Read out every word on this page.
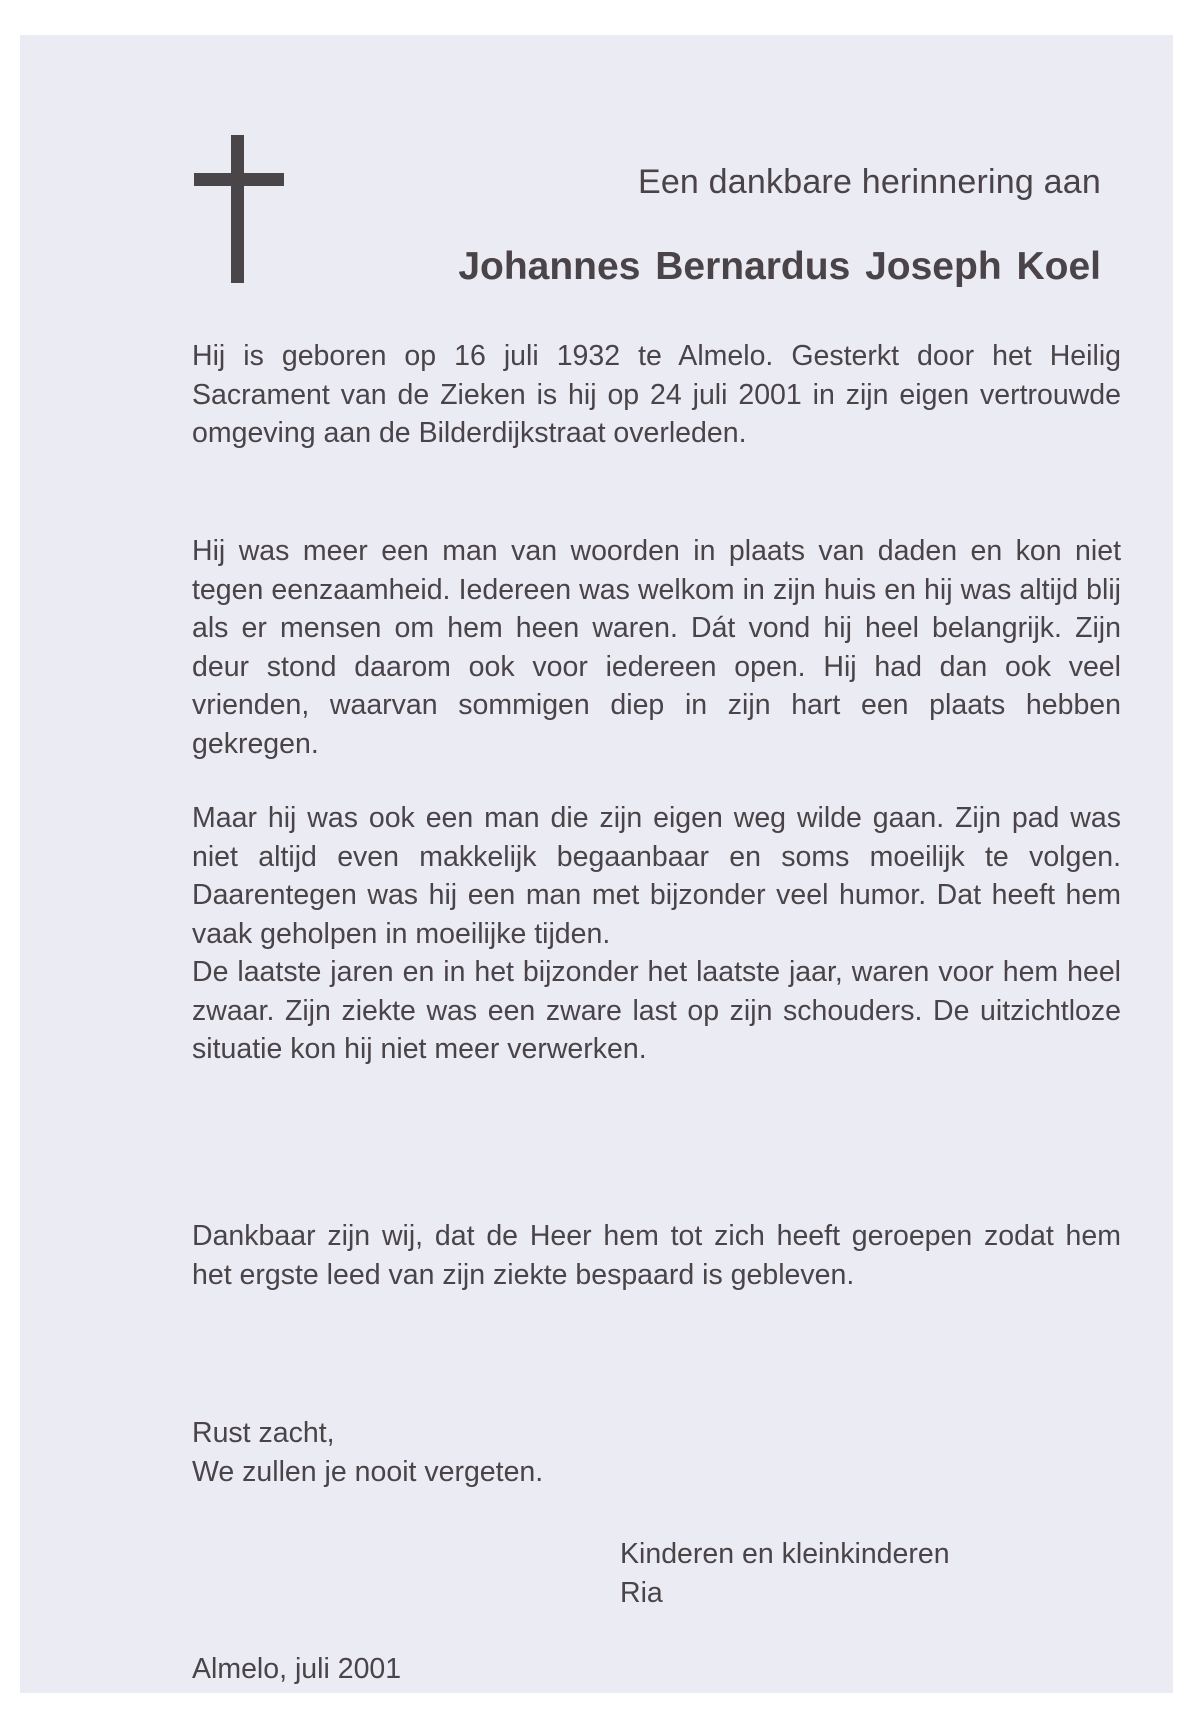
Een dankbare herinnering aan
Johannes Bernardus Joseph Koel
Hij is geboren op 16 juli 1932 te Almelo. Gesterkt door het Heilig Sacrament van de Zieken is hij op 24 juli 2001 in zijn eigen vertrouwde omgeving aan de Bilderdijkstraat overleden.
Hij was meer een man van woorden in plaats van daden en kon niet tegen eenzaamheid. Iedereen was welkom in zijn huis en hij was altijd blij als er mensen om hem heen waren. Dát vond hij heel belangrijk. Zijn deur stond daarom ook voor iedereen open. Hij had dan ook veel vrienden, waarvan sommigen diep in zijn hart een plaats hebben gekregen.
Maar hij was ook een man die zijn eigen weg wilde gaan. Zijn pad was niet altijd even makkelijk begaanbaar en soms moeilijk te volgen. Daarentegen was hij een man met bijzonder veel humor. Dat heeft hem vaak geholpen in moeilijke tijden.
De laatste jaren en in het bijzonder het laatste jaar, waren voor hem heel zwaar. Zijn ziekte was een zware last op zijn schouders. De uitzichtloze situatie kon hij niet meer verwerken.
Dankbaar zijn wij, dat de Heer hem tot zich heeft geroepen zodat hem het ergste leed van zijn ziekte bespaard is gebleven.
Rust zacht,
We zullen je nooit vergeten.
Kinderen en kleinkinderen
Ria
Almelo, juli 2001
